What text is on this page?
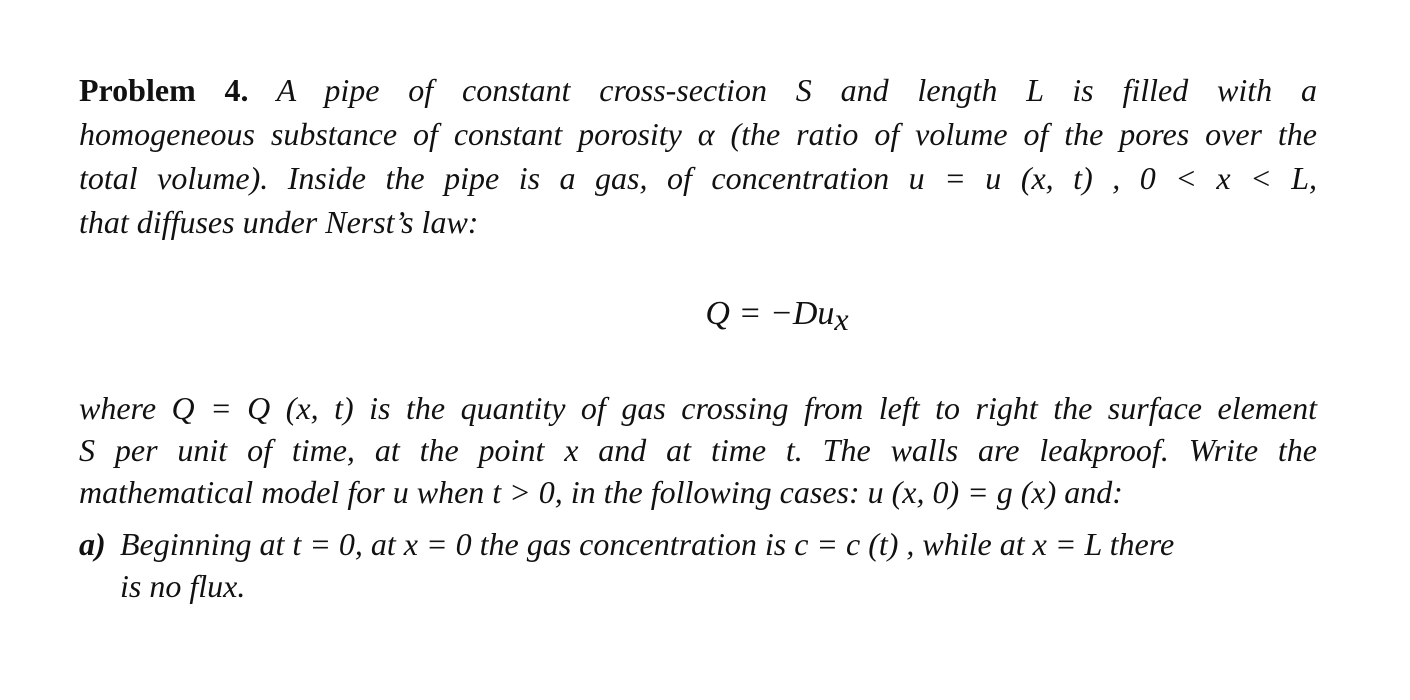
Problem 4. A pipe of constant cross-section S and length L is filled with a
homogeneous substance of constant porosity α (the ratio of volume of the pores over the
total volume). Inside the pipe is a gas, of concentration u = u (x, t) , 0 < x < L,
that diffuses under Nerst’s law:

$Q = -Du_x$

where Q = Q (x, t) is the quantity of gas crossing from left to right the surface element
S per unit of time, at the point x and at time t. The walls are leakproof. Write the
mathematical model for u when t > 0, in the following cases: u (x, 0) = g (x) and:

a) Beginning at t = 0, at x = 0 the gas concentration is c = c (t) , while at x = L there
is no flux.
